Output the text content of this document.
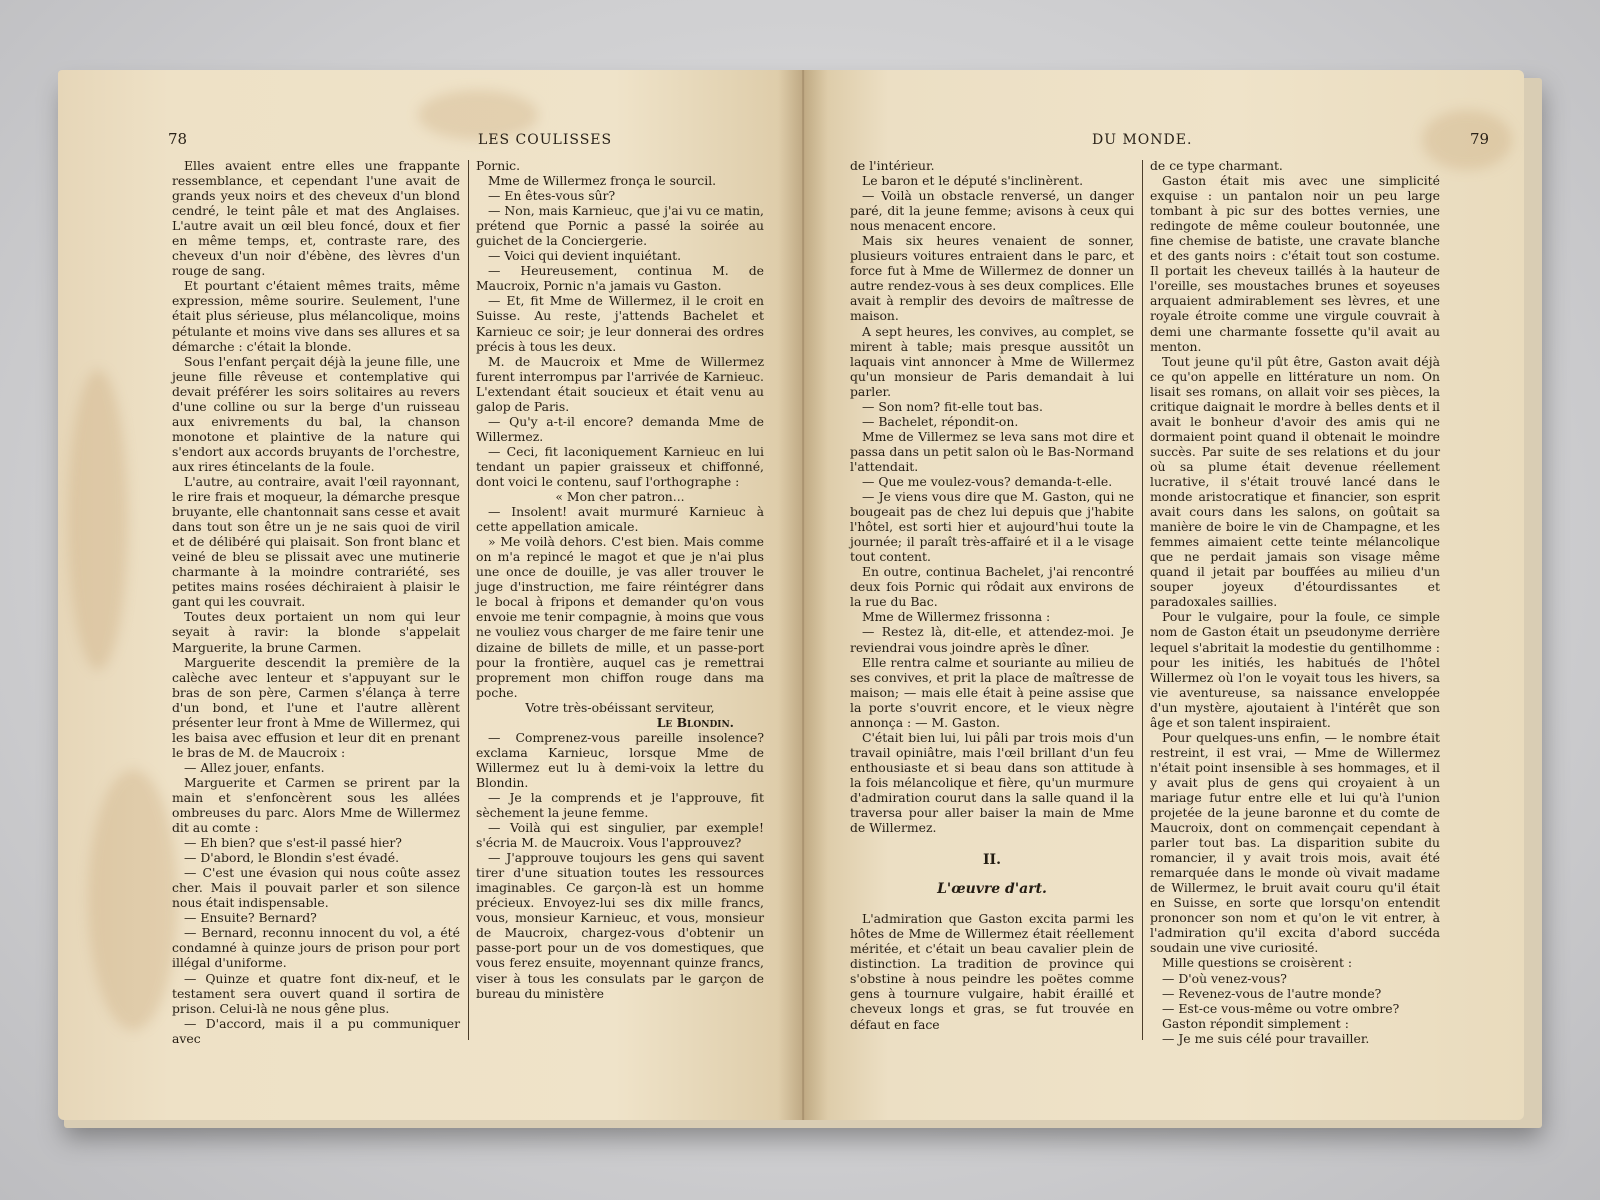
78	LES COULISSES

Elles avaient entre elles une frappante ressemblance, et cependant l'une avait de grands yeux noirs et des cheveux d'un blond cendré, le teint pâle et mat des Anglaises. L'autre avait un œil bleu foncé, doux et fier en même temps, et, contraste rare, des cheveux d'un noir d'ébène, des lèvres d'un rouge de sang.

Et pourtant c'étaient mêmes traits, même expression, même sourire. Seulement, l'une était plus sérieuse, plus mélancolique, moins pétulante et moins vive dans ses allures et sa démarche : c'était la blonde.

Sous l'enfant perçait déjà la jeune fille, une jeune fille rêveuse et contemplative qui devait préférer les soirs solitaires au revers d'une colline ou sur la berge d'un ruisseau aux enivrements du bal, la chanson monotone et plaintive de la nature qui s'endort aux accords bruyants de l'orchestre, aux rires étincelants de la foule.

L'autre, au contraire, avait l'œil rayonnant, le rire frais et moqueur, la démarche presque bruyante, elle chantonnait sans cesse et avait dans tout son être un je ne sais quoi de viril et de délibéré qui plaisait. Son front blanc et veiné de bleu se plissait avec une mutinerie charmante à la moindre contrariété, ses petites mains rosées déchiraient à plaisir le gant qui les couvrait.

Toutes deux portaient un nom qui leur seyait à ravir: la blonde s'appelait Marguerite, la brune Carmen.

Marguerite descendit la première de la calèche avec lenteur et s'appuyant sur le bras de son père, Carmen s'élança à terre d'un bond, et l'une et l'autre allèrent présenter leur front à Mme de Willermez, qui les baisa avec effusion et leur dit en prenant le bras de M. de Maucroix :

— Allez jouer, enfants.

Marguerite et Carmen se prirent par la main et s'enfoncèrent sous les allées ombreuses du parc. Alors Mme de Willermez dit au comte :

— Eh bien? que s'est-il passé hier?

— D'abord, le Blondin s'est évadé.

— C'est une évasion qui nous coûte assez cher. Mais il pouvait parler et son silence nous était indispensable.

— Ensuite? Bernard?

— Bernard, reconnu innocent du vol, a été condamné à quinze jours de prison pour port illégal d'uniforme.

— Quinze et quatre font dix-neuf, et le testament sera ouvert quand il sortira de prison. Celui-là ne nous gêne plus.

— D'accord, mais il a pu communiquer avec

Pornic.

Mme de Willermez fronça le sourcil.

— En êtes-vous sûr?

— Non, mais Karnieuc, que j'ai vu ce matin, prétend que Pornic a passé la soirée au guichet de la Conciergerie.

— Voici qui devient inquiétant.

— Heureusement, continua M. de Maucroix, Pornic n'a jamais vu Gaston.

— Et, fit Mme de Willermez, il le croit en Suisse. Au reste, j'attends Bachelet et Karnieuc ce soir; je leur donnerai des ordres précis à tous les deux.

M. de Maucroix et Mme de Willermez furent interrompus par l'arrivée de Karnieuc. L'extendant était soucieux et était venu au galop de Paris.

— Qu'y a-t-il encore? demanda Mme de Willermez.

— Ceci, fit laconiquement Karnieuc en lui tendant un papier graisseux et chiffonné, dont voici le contenu, sauf l'orthographe :

« Mon cher patron...

— Insolent! avait murmuré Karnieuc à cette appellation amicale.

» Me voilà dehors. C'est bien. Mais comme on m'a repincé le magot et que je n'ai plus une once de douille, je vas aller trouver le juge d'instruction, me faire réintégrer dans le bocal à fripons et demander qu'on vous envoie me tenir compagnie, à moins que vous ne vouliez vous charger de me faire tenir une dizaine de billets de mille, et un passe-port pour la frontière, auquel cas je remettrai proprement mon chiffon rouge dans ma poche.

Votre très-obéissant serviteur,

Le Blondin.

— Comprenez-vous pareille insolence? exclama Karnieuc, lorsque Mme de Willermez eut lu à demi-voix la lettre du Blondin.

— Je la comprends et je l'approuve, fit sèchement la jeune femme.

— Voilà qui est singulier, par exemple! s'écria M. de Maucroix. Vous l'approuvez?

— J'approuve toujours les gens qui savent tirer d'une situation toutes les ressources imaginables. Ce garçon-là est un homme précieux. Envoyez-lui ses dix mille francs, vous, monsieur Karnieuc, et vous, monsieur de Maucroix, chargez-vous d'obtenir un passe-port pour un de vos domestiques, que vous ferez ensuite, moyennant quinze francs, viser à tous les consulats par le garçon de bureau du ministère

DU MONDE.	79

de l'intérieur.

Le baron et le député s'inclinèrent.

— Voilà un obstacle renversé, un danger paré, dit la jeune femme; avisons à ceux qui nous menacent encore.

Mais six heures venaient de sonner, plusieurs voitures entraient dans le parc, et force fut à Mme de Willermez de donner un autre rendez-vous à ses deux complices. Elle avait à remplir des devoirs de maîtresse de maison.

A sept heures, les convives, au complet, se mirent à table; mais presque aussitôt un laquais vint annoncer à Mme de Willermez qu'un monsieur de Paris demandait à lui parler.

— Son nom? fit-elle tout bas.

— Bachelet, répondit-on.

Mme de Villermez se leva sans mot dire et passa dans un petit salon où le Bas-Normand l'attendait.

— Que me voulez-vous? demanda-t-elle.

— Je viens vous dire que M. Gaston, qui ne bougeait pas de chez lui depuis que j'habite l'hôtel, est sorti hier et aujourd'hui toute la journée; il paraît très-affairé et il a le visage tout content.

En outre, continua Bachelet, j'ai rencontré deux fois Pornic qui rôdait aux environs de la rue du Bac.

Mme de Willermez frissonna :

— Restez là, dit-elle, et attendez-moi. Je reviendrai vous joindre après le dîner.

Elle rentra calme et souriante au milieu de ses convives, et prit la place de maîtresse de maison; — mais elle était à peine assise que la porte s'ouvrit encore, et le vieux nègre annonça : — M. Gaston.

C'était bien lui, lui pâli par trois mois d'un travail opiniâtre, mais l'œil brillant d'un feu enthousiaste et si beau dans son attitude à la fois mélancolique et fière, qu'un murmure d'admiration courut dans la salle quand il la traversa pour aller baiser la main de Mme de Willermez.

II.
L'œuvre d'art.

L'admiration que Gaston excita parmi les hôtes de Mme de Willermez était réellement méritée, et c'était un beau cavalier plein de distinction. La tradition de province qui s'obstine à nous peindre les poëtes comme gens à tournure vulgaire, habit éraillé et cheveux longs et gras, se fut trouvée en défaut en face

de ce type charmant.

Gaston était mis avec une simplicité exquise : un pantalon noir un peu large tombant à pic sur des bottes vernies, une redingote de même couleur boutonnée, une fine chemise de batiste, une cravate blanche et des gants noirs : c'était tout son costume. Il portait les cheveux taillés à la hauteur de l'oreille, ses moustaches brunes et soyeuses arquaient admirablement ses lèvres, et une royale étroite comme une virgule couvrait à demi une charmante fossette qu'il avait au menton.

Tout jeune qu'il pût être, Gaston avait déjà ce qu'on appelle en littérature un nom. On lisait ses romans, on allait voir ses pièces, la critique daignait le mordre à belles dents et il avait le bonheur d'avoir des amis qui ne dormaient point quand il obtenait le moindre succès. Par suite de ses relations et du jour où sa plume était devenue réellement lucrative, il s'était trouvé lancé dans le monde aristocratique et financier, son esprit avait cours dans les salons, on goûtait sa manière de boire le vin de Champagne, et les femmes aimaient cette teinte mélancolique que ne perdait jamais son visage même quand il jetait par bouffées au milieu d'un souper joyeux d'étourdissantes et paradoxales saillies.

Pour le vulgaire, pour la foule, ce simple nom de Gaston était un pseudonyme derrière lequel s'abritait la modestie du gentilhomme : pour les initiés, les habitués de l'hôtel Willermez où l'on le voyait tous les hivers, sa vie aventureuse, sa naissance enveloppée d'un mystère, ajoutaient à l'intérêt que son âge et son talent inspiraient.

Pour quelques-uns enfin, — le nombre était restreint, il est vrai, — Mme de Willermez n'était point insensible à ses hommages, et il y avait plus de gens qui croyaient à un mariage futur entre elle et lui qu'à l'union projetée de la jeune baronne et du comte de Maucroix, dont on commençait cependant à parler tout bas. La disparition subite du romancier, il y avait trois mois, avait été remarquée dans le monde où vivait madame de Willermez, le bruit avait couru qu'il était en Suisse, en sorte que lorsqu'on entendit prononcer son nom et qu'on le vit entrer, à l'admiration qu'il excita d'abord succéda soudain une vive curiosité.

Mille questions se croisèrent :

— D'où venez-vous?

— Revenez-vous de l'autre monde?

— Est-ce vous-même ou votre ombre?

Gaston répondit simplement :

— Je me suis célé pour travailler.
